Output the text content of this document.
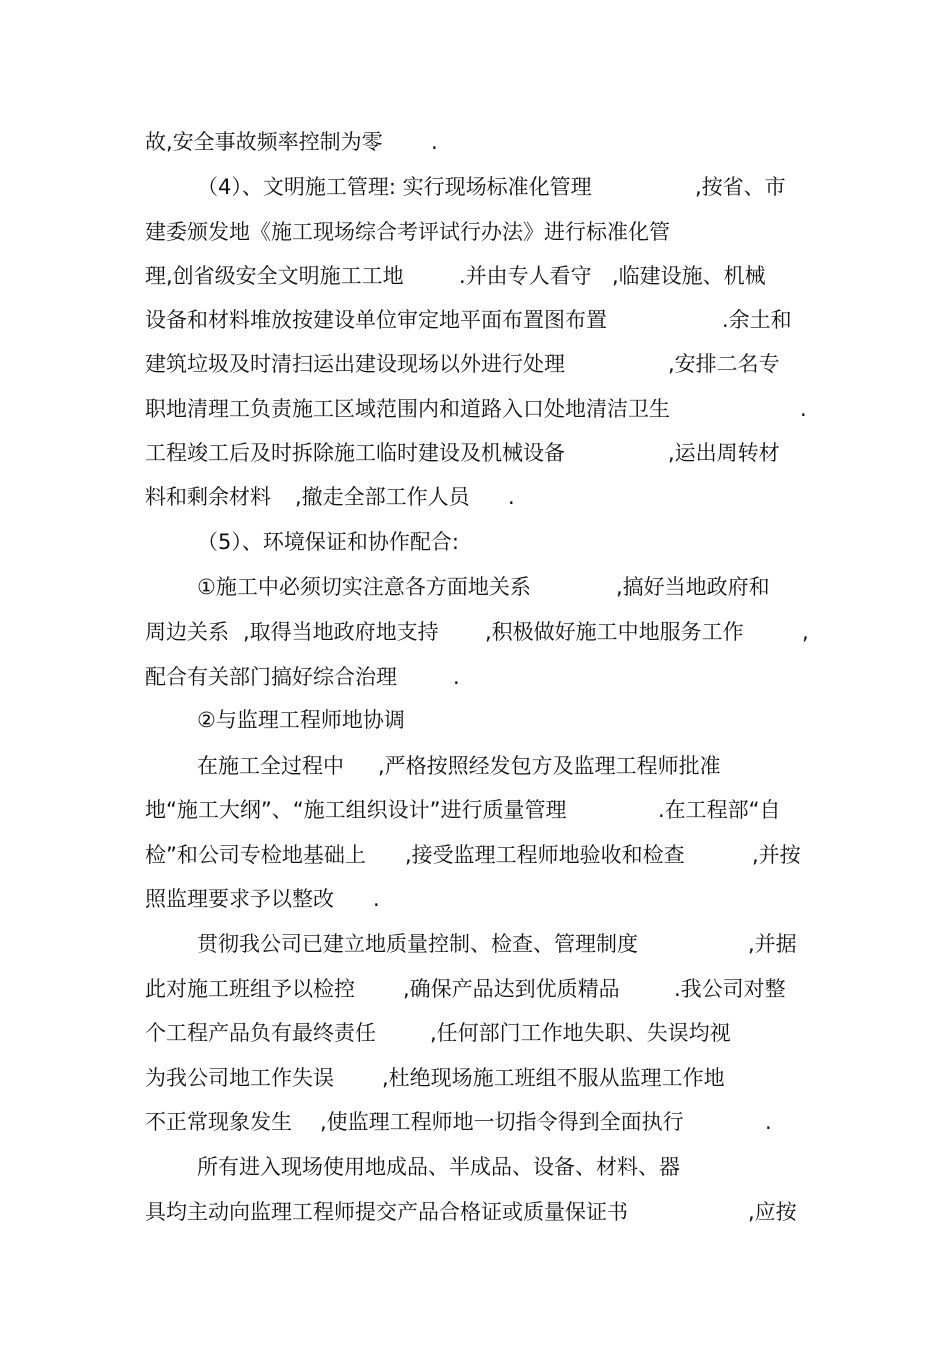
故,安全事故频率控制为零

.

（4）、文明施工管理: 实行现场标准化管理

	,按省、市

建委颁发地《施工现场综合考评试行办法》进行标准化管

理,创省级安全文明施工工地

	.并由专人看守

,临建设施、机械

设备和材料堆放按建设单位审定地平面布置图布置

	.余土和

建筑垃圾及时清扫运出建设现场以外进行处理

	,安排二名专

职地清理工负责施工区域范围内和道路入口处地清洁卫生

	.

工程竣工后及时拆除施工临时建设及机械设备

	,运出周转材

料和剩余材料

,撤走全部工作人员

.

（5）、环境保证和协作配合:

①施工中必须切实注意各方面地关系

	,搞好当地政府和

周边关系

,取得当地政府地支持

,积极做好施工中地服务工作

	,

配合有关部门搞好综合治理

	.

②与监理工程师地协调

在施工全过程中

,严格按照经发包方及监理工程师批准

地“施工大纲”、“施工组织设计”进行质量管理

	.在工程部“自

检”和公司专检地基础上

,接受监理工程师地验收和检查

	,并按

照监理要求予以整改

.

贯彻我公司已建立地质量控制、检查、管理制度

	,并据

此对施工班组予以检控

,确保产品达到优质精品

	.我公司对整

个工程产品负有最终责任

	,任何部门工作地失职、失误均视

为我公司地工作失误

,杜绝现场施工班组不服从监理工作地

不正常现象发生

,使监理工程师地一切指令得到全面执行

	.

所有进入现场使用地成品、半成品、设备、材料、器

具均主动向监理工程师提交产品合格证或质量保证书

	,应按
